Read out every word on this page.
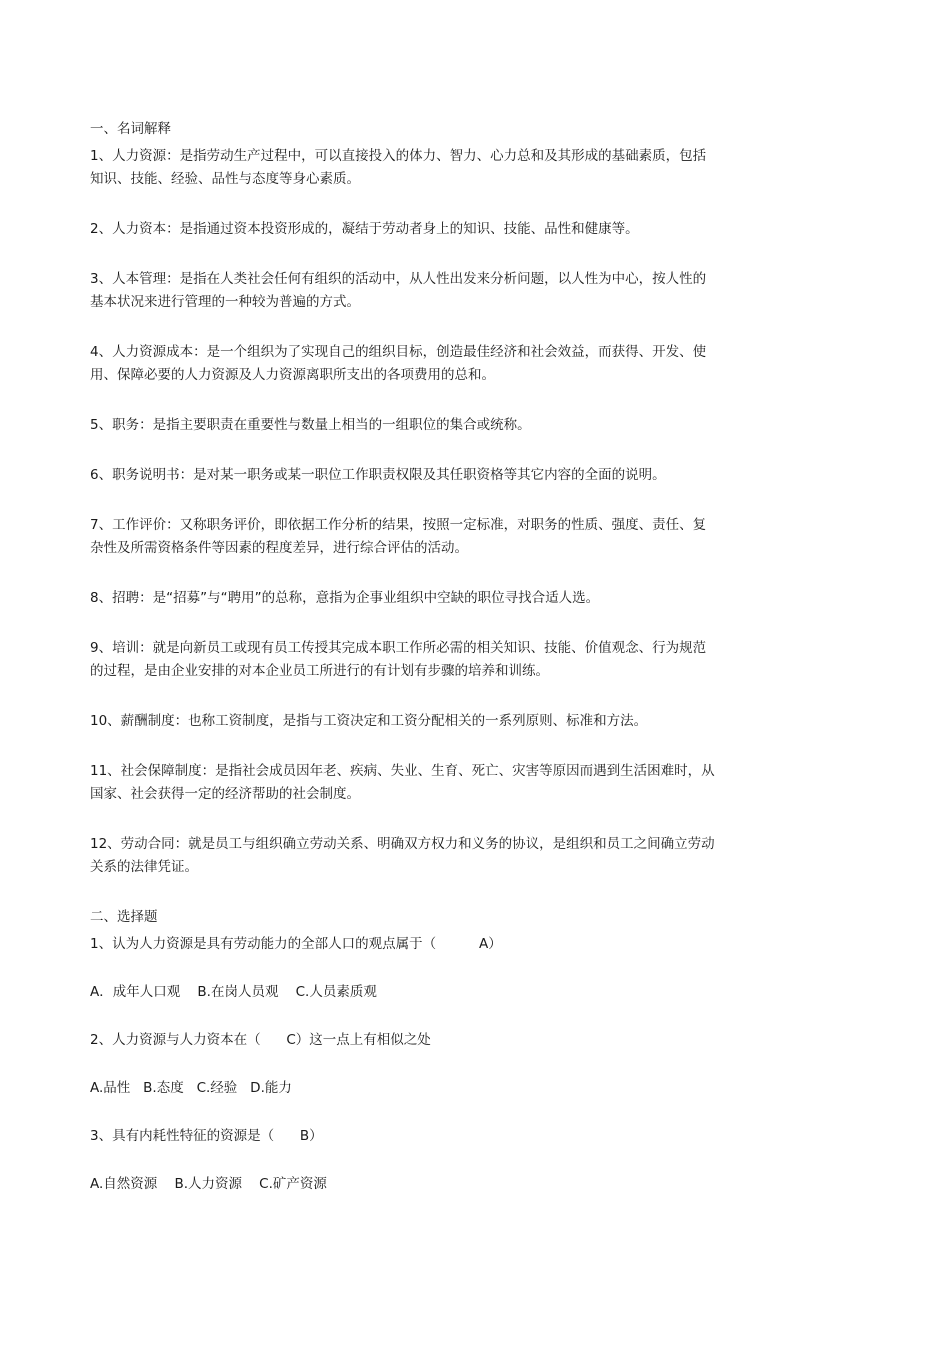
一、名词解释

1、人力资源：是指劳动生产过程中，可以直接投入的体力、智力、心力总和及其形成的基础素质，包括
知识、技能、经验、品性与态度等身心素质。

2、人力资本：是指通过资本投资形成的，凝结于劳动者身上的知识、技能、品性和健康等。

3、人本管理：是指在人类社会任何有组织的活动中，从人性出发来分析问题，以人性为中心，按人性的
基本状况来进行管理的一种较为普遍的方式。

4、人力资源成本：是一个组织为了实现自己的组织目标，创造最佳经济和社会效益，而获得、开发、使
用、保障必要的人力资源及人力资源离职所支出的各项费用的总和。

5、职务：是指主要职责在重要性与数量上相当的一组职位的集合或统称。

6、职务说明书：是对某一职务或某一职位工作职责权限及其任职资格等其它内容的全面的说明。

7、工作评价：又称职务评价，即依据工作分析的结果，按照一定标准，对职务的性质、强度、责任、复
杂性及所需资格条件等因素的程度差异，进行综合评估的活动。

8、招聘：是“招募”与“聘用”的总称，意指为企事业组织中空缺的职位寻找合适人选。

9、培训：就是向新员工或现有员工传授其完成本职工作所必需的相关知识、技能、价值观念、行为规范
的过程，是由企业安排的对本企业员工所进行的有计划有步骤的培养和训练。

10、薪酬制度：也称工资制度，是指与工资决定和工资分配相关的一系列原则、标准和方法。

11、社会保障制度：是指社会成员因年老、疾病、失业、生育、死亡、灾害等原因而遇到生活困难时，从
国家、社会获得一定的经济帮助的社会制度。

12、劳动合同：就是员工与组织确立劳动关系、明确双方权力和义务的协议，是组织和员工之间确立劳动
关系的法律凭证。

二、选择题

1、认为人力资源是具有劳动能力的全部人口的观点属于（          A）

A．成年人口观    B.在岗人员观    C.人员素质观

2、人力资源与人力资本在（      C）这一点上有相似之处

A.品性   B.态度   C.经验   D.能力

3、具有内耗性特征的资源是（      B）

A.自然资源    B.人力资源    C.矿产资源
